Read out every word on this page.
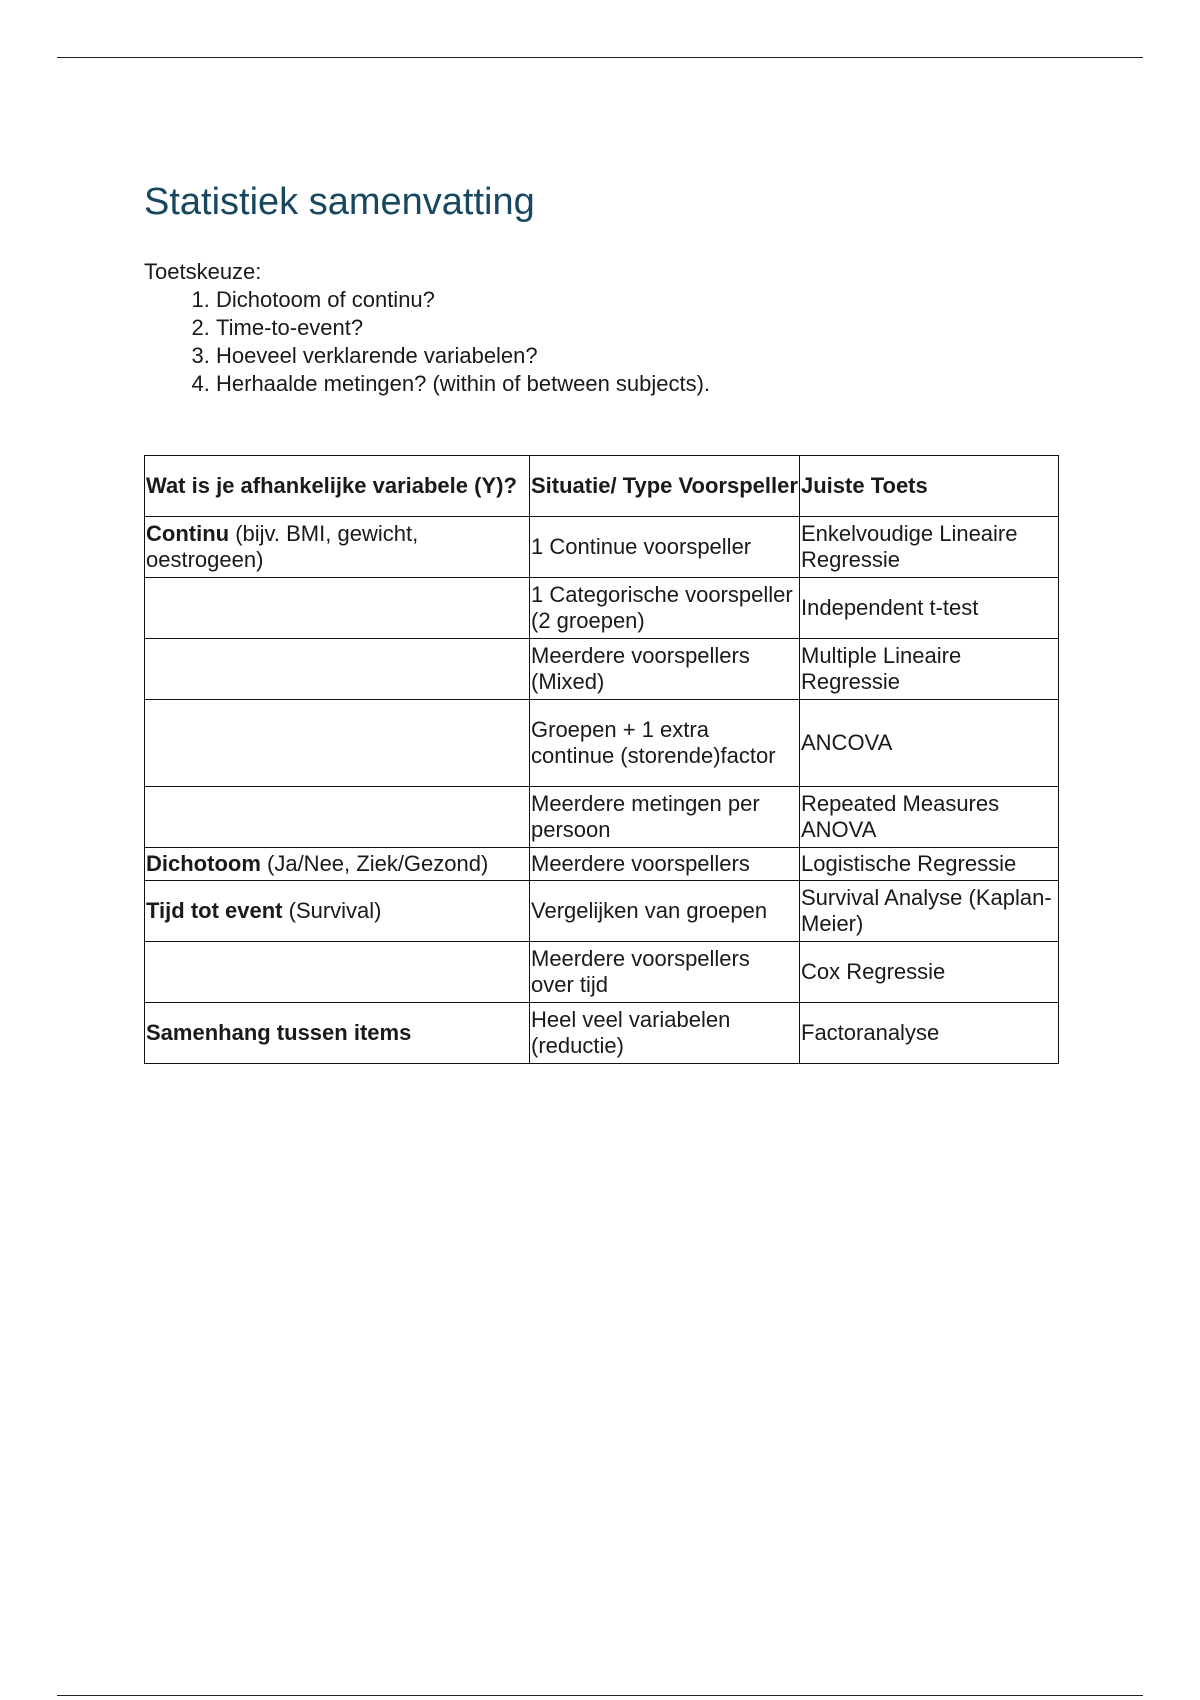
Statistiek samenvatting
Toetskeuze:
1. Dichotoom of continu?
2. Time-to-event?
3. Hoeveel verklarende variabelen?
4. Herhaalde metingen? (within of between subjects).
Wat is je afhankelijke variabele (Y)?	Situatie/ Type Voorspeller	Juiste Toets
Continu (bijv. BMI, gewicht, oestrogeen)	1 Continue voorspeller	Enkelvoudige Lineaire Regressie
	1 Categorische voorspeller (2 groepen)	Independent t-test
	Meerdere voorspellers (Mixed)	Multiple Lineaire Regressie
	Groepen + 1 extra continue (storende)factor	ANCOVA
	Meerdere metingen per persoon	Repeated Measures ANOVA
Dichotoom (Ja/Nee, Ziek/Gezond)	Meerdere voorspellers	Logistische Regressie
Tijd tot event (Survival)	Vergelijken van groepen	Survival Analyse (Kaplan-Meier)
	Meerdere voorspellers over tijd	Cox Regressie
Samenhang tussen items	Heel veel variabelen (reductie)	Factoranalyse
